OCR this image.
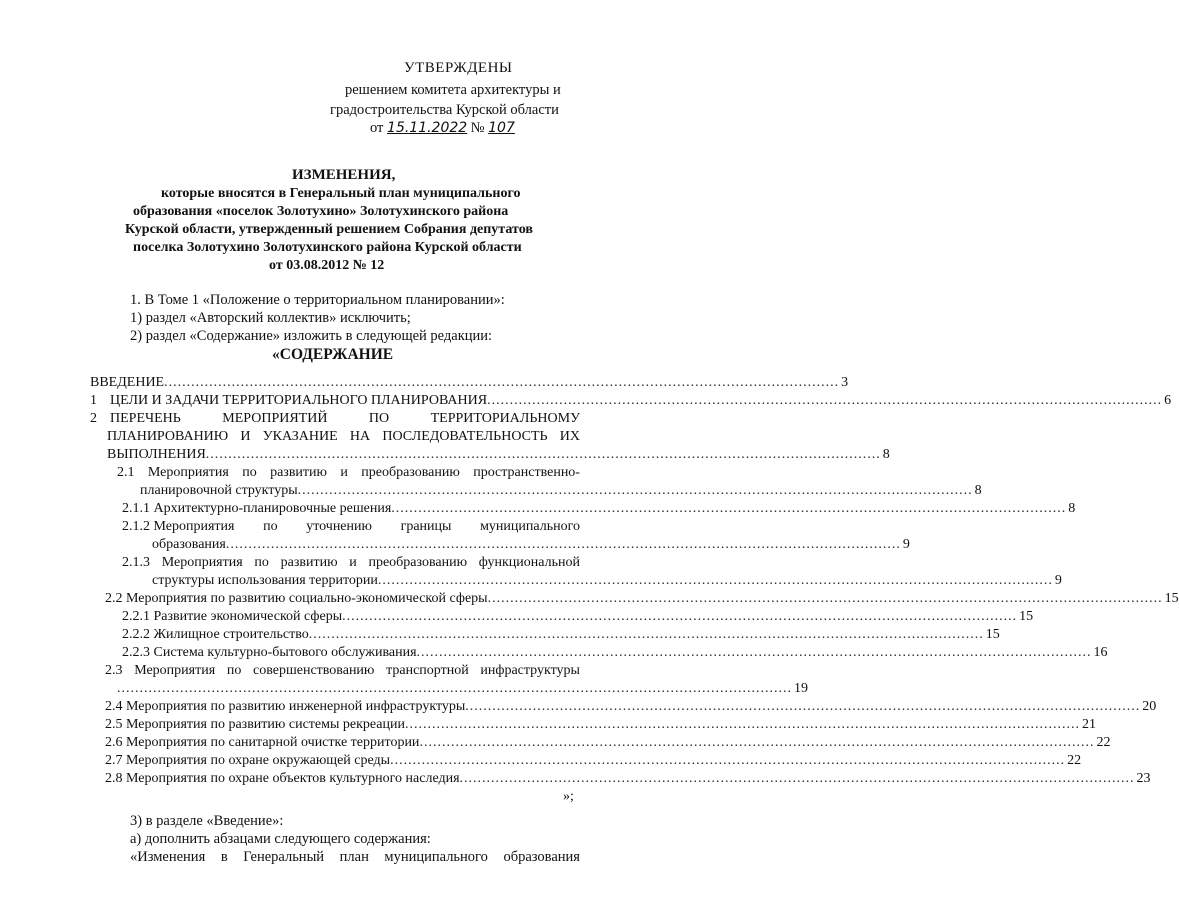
УТВЕРЖДЕНЫ
решением комитета архитектуры и
градостроительства Курской области
от 15.11.2022 № 107
ИЗМЕНЕНИЯ,
которые вносятся в Генеральный план муниципального
образования «поселок Золотухино» Золотухинского района
Курской области, утвержденный решением Собрания депутатов
поселка Золотухино Золотухинского района Курской области
от 03.08.2012 № 12
1. В Томе 1 «Положение о территориальном планировании»:
1) раздел «Авторский коллектив» исключить;
2) раздел «Содержание» изложить в следующей редакции:
«СОДЕРЖАНИЕ
ВВЕДЕНИЕ ...................................................................................................................................................... 3
1 ЦЕЛИ И ЗАДАЧИ ТЕРРИТОРИАЛЬНОГО ПЛАНИРОВАНИЯ ...................................................................................................................................................... 6
2 ПЕРЕЧЕНЬ	МЕРОПРИЯТИЙ	ПО	ТЕРРИТОРИАЛЬНОМУ
ПЛАНИРОВАНИЮ И УКАЗАНИЕ НА ПОСЛЕДОВАТЕЛЬНОСТЬ ИХ
ВЫПОЛНЕНИЯ ...................................................................................................................................................... 8
2.1 Мероприятия по развитию и преобразованию пространственно-
планировочной структуры ...................................................................................................................................................... 8
2.1.1 Архитектурно-планировочные решения ...................................................................................................................................................... 8
2.1.2 Мероприятия по уточнению границы муниципального
образования ...................................................................................................................................................... 9
2.1.3 Мероприятия по развитию и преобразованию функциональной
структуры использования территории ...................................................................................................................................................... 9
2.2 Мероприятия по развитию социально-экономической сферы ...................................................................................................................................................... 15
2.2.1 Развитие экономической сферы ...................................................................................................................................................... 15
2.2.2 Жилищное строительство ...................................................................................................................................................... 15
2.2.3 Система культурно-бытового обслуживания ...................................................................................................................................................... 16
2.3 Мероприятия по совершенствованию транспортной инфраструктуры
...................................................................................................................................................... 19
2.4 Мероприятия по развитию инженерной инфраструктуры ...................................................................................................................................................... 20
2.5 Мероприятия по развитию системы рекреации ...................................................................................................................................................... 21
2.6 Мероприятия по санитарной очистке территории ...................................................................................................................................................... 22
2.7 Мероприятия по охране окружающей среды ...................................................................................................................................................... 22
2.8 Мероприятия по охране объектов культурного наследия ...................................................................................................................................................... 23
»;
3) в разделе «Введение»:
а) дополнить абзацами следующего содержания:
«Изменения в Генеральный план муниципального образования
